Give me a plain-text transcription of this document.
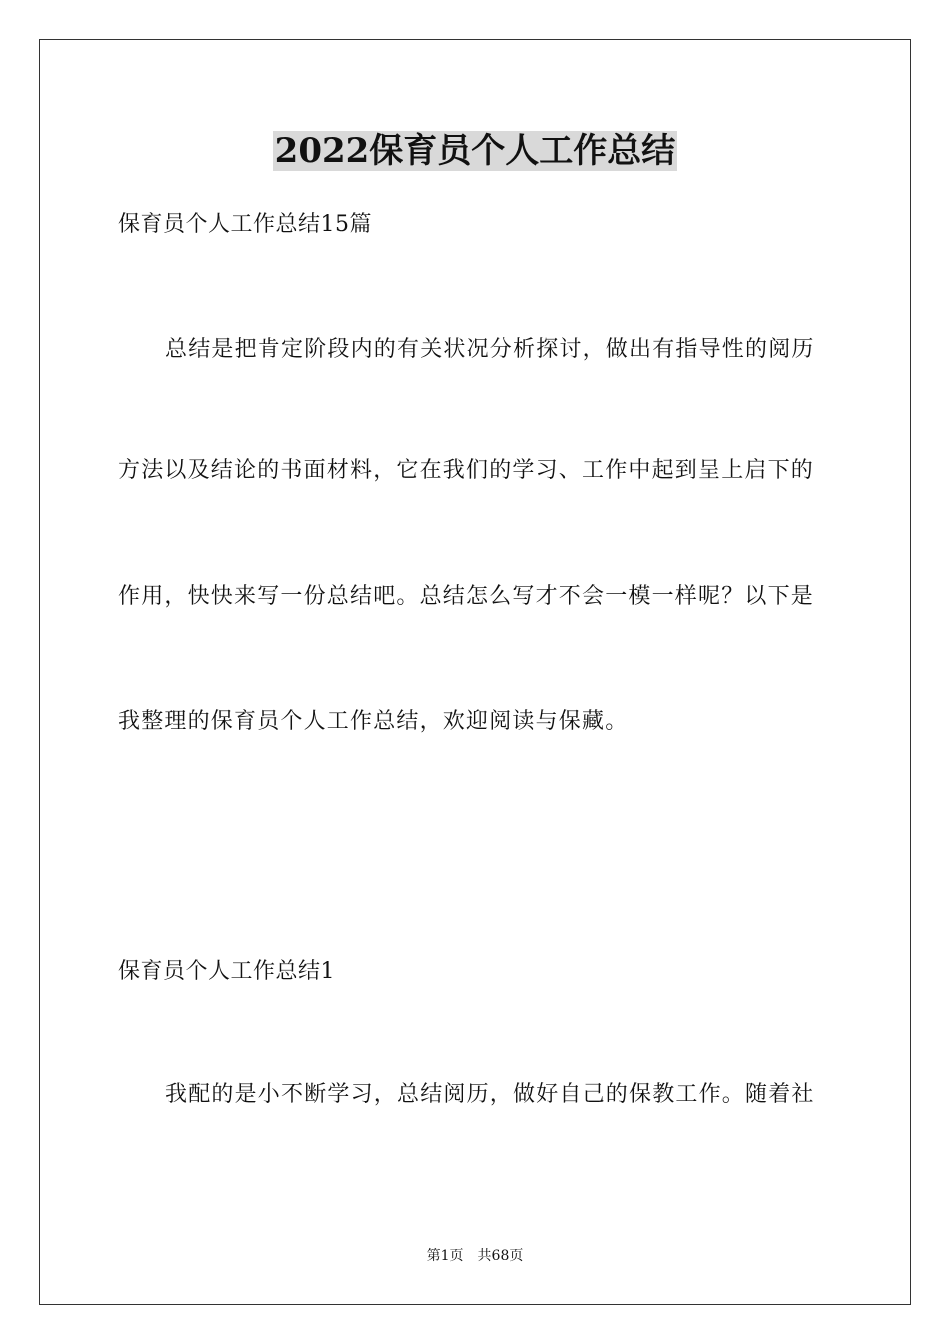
2022保育员个人工作总结
保育员个人工作总结15篇
总结是把肯定阶段内的有关状况分析探讨，做出有指导性的阅历
方法以及结论的书面材料，它在我们的学习、工作中起到呈上启下的
作用，快快来写一份总结吧。总结怎么写才不会一模一样呢？以下是
我整理的保育员个人工作总结，欢迎阅读与保藏。
保育员个人工作总结1
我配的是小不断学习，总结阅历，做好自己的保教工作。随着社
第1页 共68页
